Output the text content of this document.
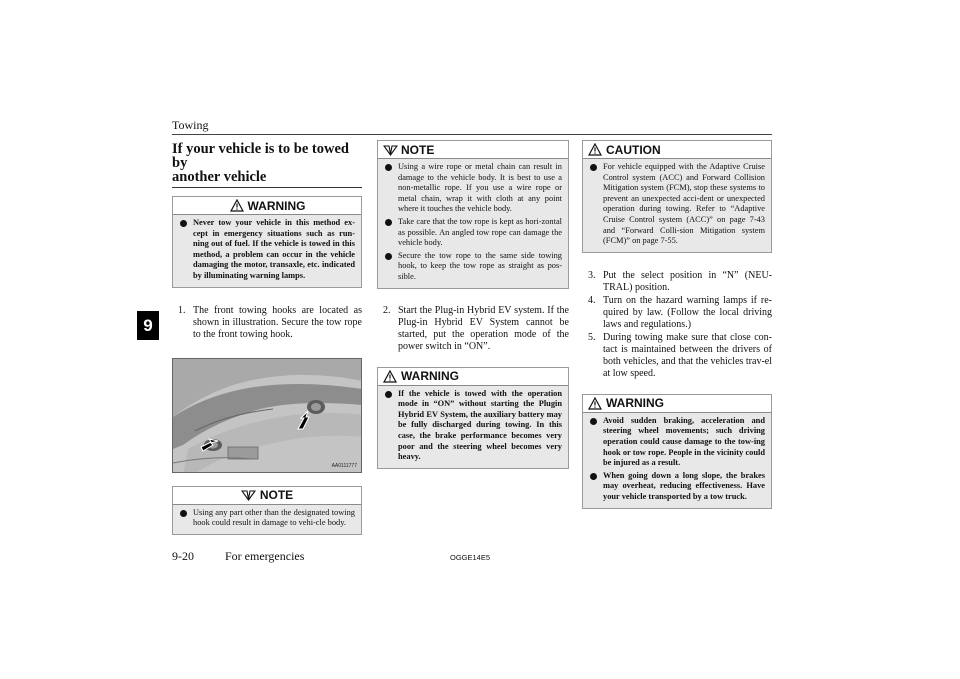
Towing
9
If your vehicle is to be towed by
another vehicle
WARNING
Never tow your vehicle in this method ex-cept in emergency situations such as run-ning out of fuel. If the vehicle is towed in this method, a problem can occur in the vehicle damaging the motor, transaxle, etc. indicated by illuminating warning lamps.
1. The front towing hooks are located as shown in illustration. Secure the tow rope to the front towing hook.
AA0111777
NOTE
Using any part other than the designated towing hook could result in damage to vehi-cle body.
NOTE
Using a wire rope or metal chain can result in damage to the vehicle body. It is best to use a non-metallic rope. If you use a wire rope or metal chain, wrap it with cloth at any point where it touches the vehicle body.
Take care that the tow rope is kept as hori-zontal as possible. An angled tow rope can damage the vehicle body.
Secure the tow rope to the same side towing hook, to keep the tow rope as straight as pos-sible.
2. Start the Plug-in Hybrid EV system. If the Plug-in Hybrid EV System cannot be started, put the operation mode of the power switch in “ON”.
WARNING
If the vehicle is towed with the operation mode in “ON” without starting the Plugin Hybrid EV System, the auxiliary battery may be fully discharged during towing. In this case, the brake performance becomes very poor and the steering wheel becomes very heavy.
CAUTION
For vehicle equipped with the Adaptive Cruise Control system (ACC) and Forward Collision Mitigation system (FCM), stop these systems to prevent an unexpected acci-dent or unexpected operation during towing. Refer to “Adaptive Cruise Control system (ACC)” on page 7-43 and “Forward Colli-sion Mitigation system (FCM)” on page 7-55.
3. Put the select position in “N” (NEU-TRAL) position.
4. Turn on the hazard warning lamps if re-quired by law. (Follow the local driving laws and regulations.)
5. During towing make sure that close con-tact is maintained between the drivers of both vehicles, and that the vehicles trav-el at low speed.
WARNING
Avoid sudden braking, acceleration and steering wheel movements; such driving operation could cause damage to the tow-ing hook or tow rope. People in the vicinity could be injured as a result.
When going down a long slope, the brakes may overheat, reducing effectiveness. Have your vehicle transported by a tow truck.
9-20	For emergencies	OGGE14E5
